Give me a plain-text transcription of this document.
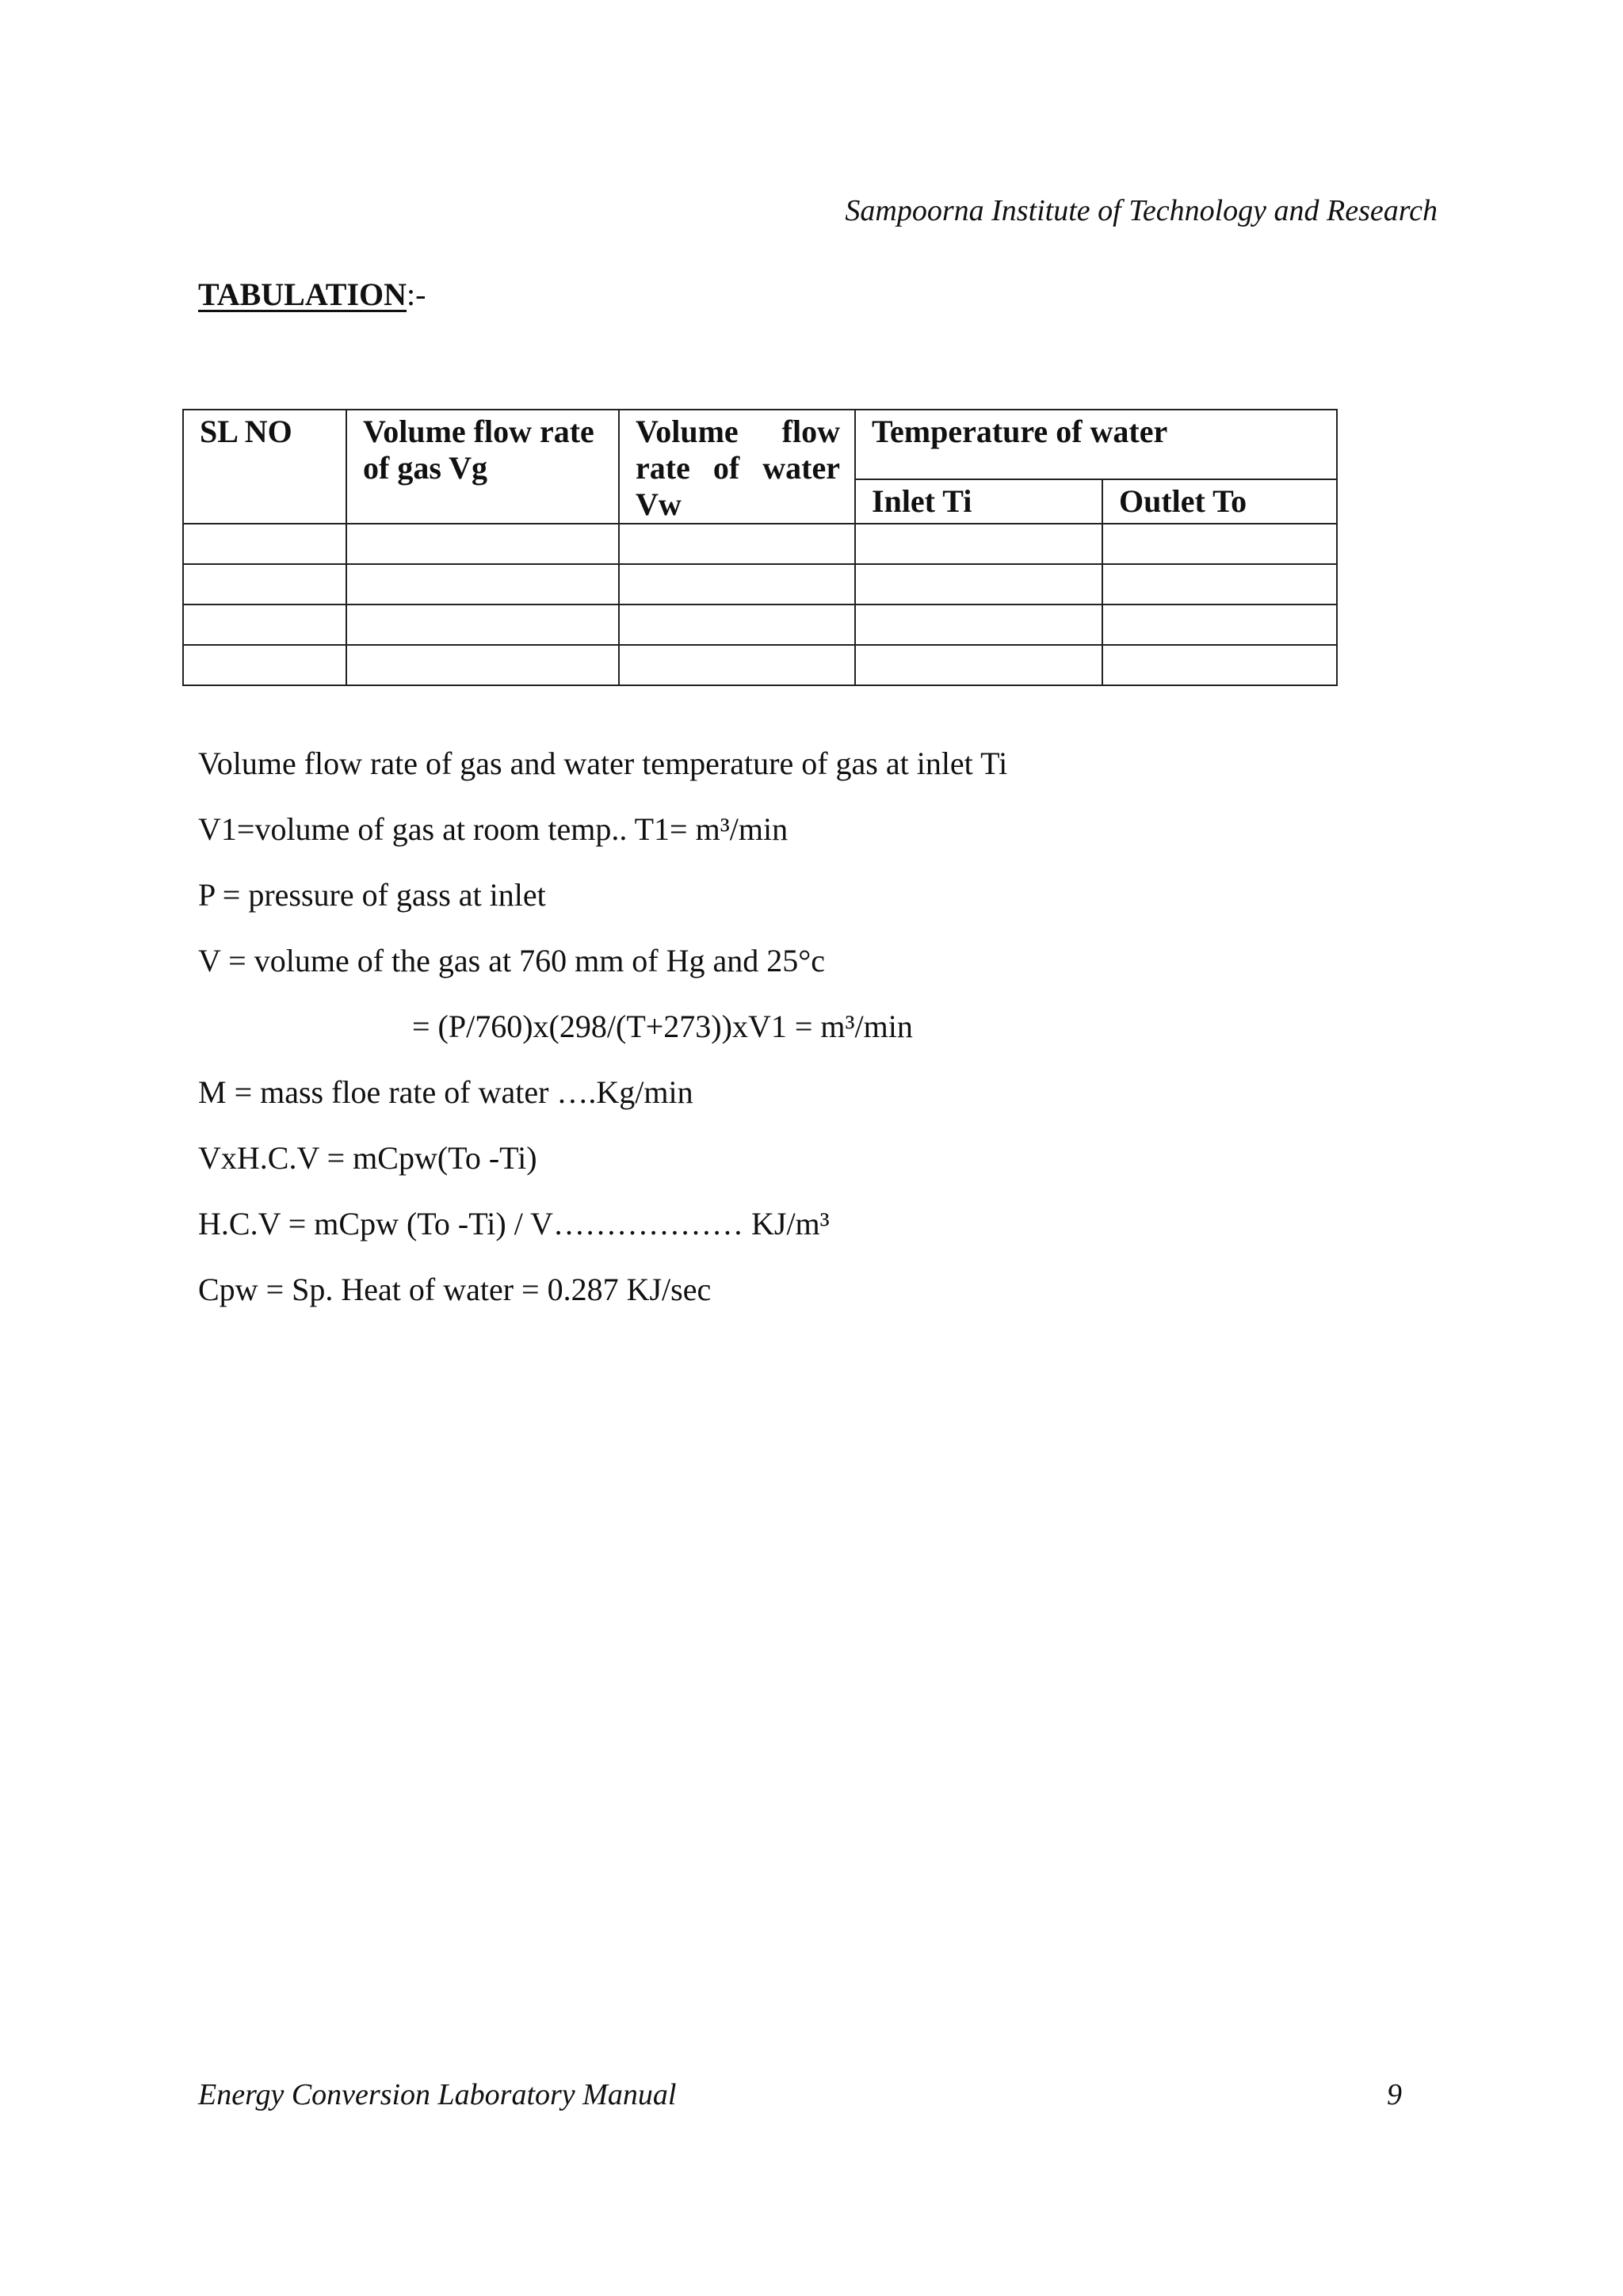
Sampoorna Institute of Technology and Research
TABULATION:-
SL NO	Volume flow rate of gas Vg	Volume flow rate of water Vw	Temperature of water	

			Inlet Ti	Outlet To

Volume flow rate of gas and water temperature of gas at inlet Ti
V1=volume of gas at room temp.. T1= m³/min
P = pressure of gass at inlet
V = volume of the gas at 760 mm of Hg and 25°c
= (P/760)x(298/(T+273))xV1 = m³/min
M = mass floe rate of water ….Kg/min
VxH.C.V = mCpw(To -Ti)
H.C.V = mCpw (To -Ti) / V……………… KJ/m³
Cpw = Sp. Heat of water = 0.287 KJ/sec
Energy Conversion Laboratory Manual	9
